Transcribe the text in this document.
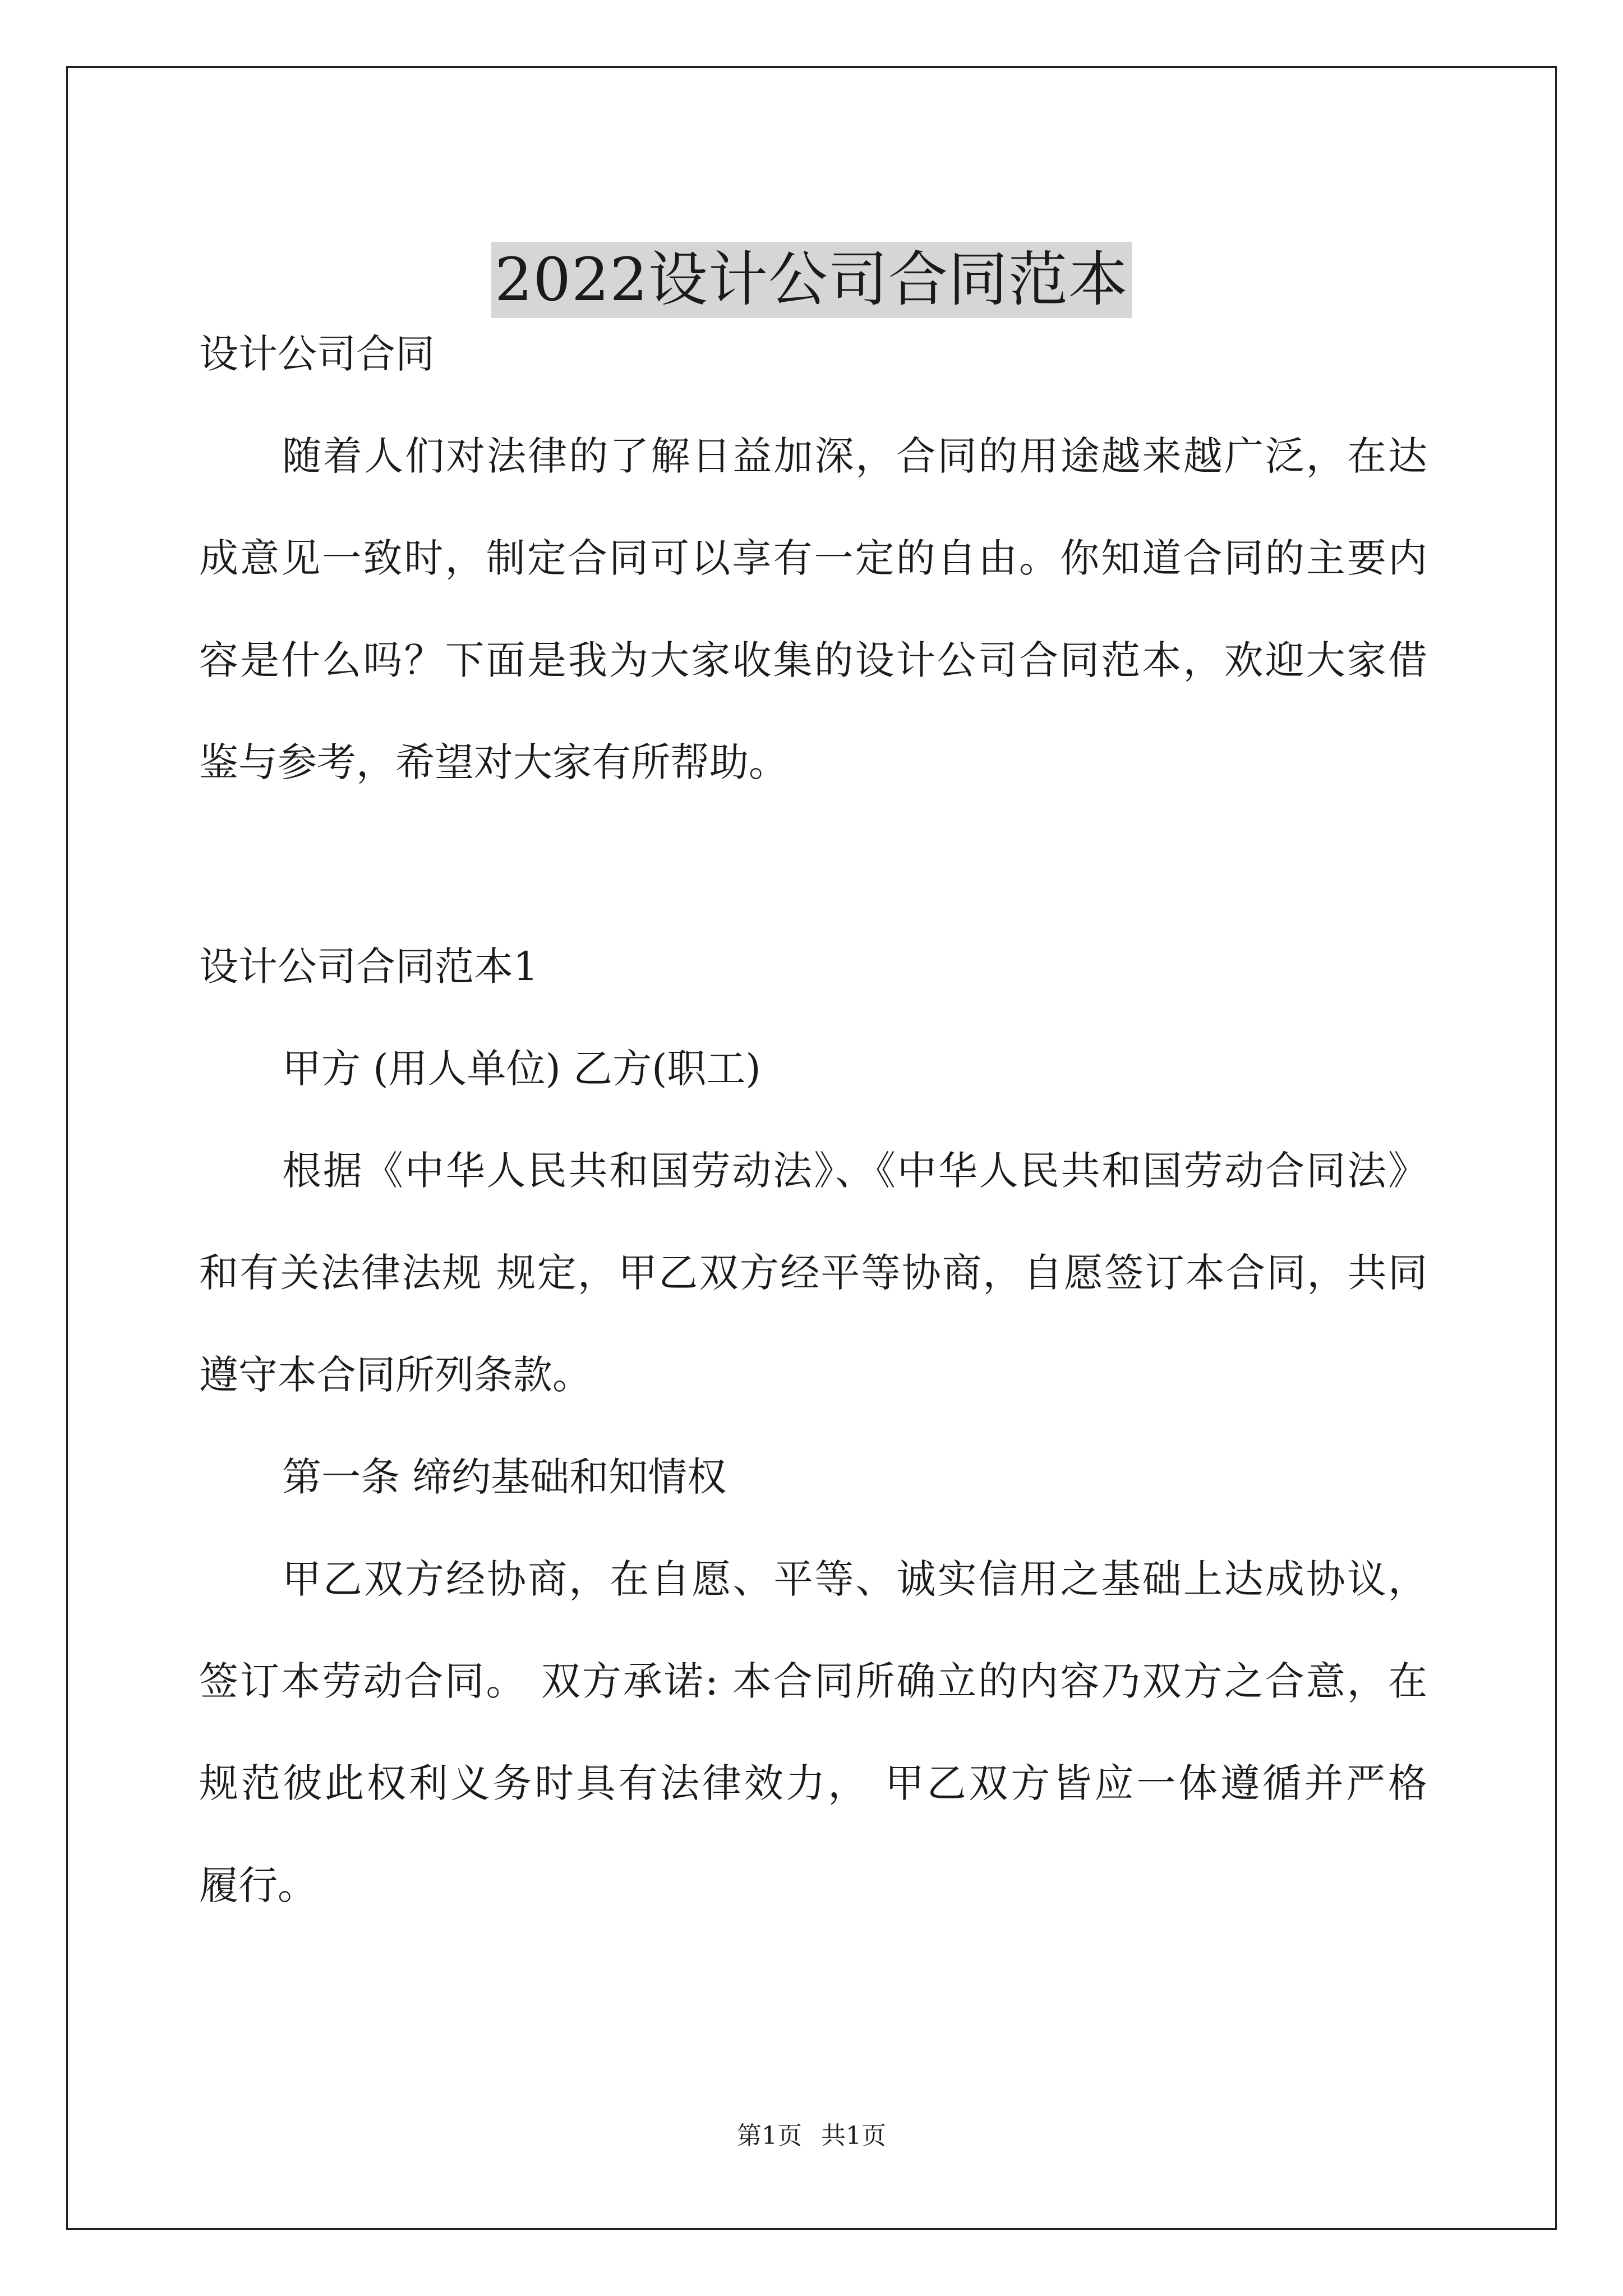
2022设计公司合同范本

设计公司合同

随着人们对法律的了解日益加深，合同的用途越来越广泛，在达

成意见一致时，制定合同可以享有一定的自由。你知道合同的主要内

容是什么吗？下面是我为大家收集的设计公司合同范本，欢迎大家借

鉴与参考，希望对大家有所帮助。

设计公司合同范本1

甲方 (用人单位) 乙方(职工)

根据《中华人民共和国劳动法》、《中华人民共和国劳动合同法》

和有关法律法规 规定，甲乙双方经平等协商，自愿签订本合同，共同

遵守本合同所列条款。

第一条 缔约基础和知情权

甲乙双方经协商，在自愿、平等、诚实信用之基础上达成协议，

签订本劳动合同。 双方承诺: 本合同所确立的内容乃双方之合意，在

规范彼此权利义务时具有法律效力， 甲乙双方皆应一体遵循并严格

履行。

第1页 共1页
